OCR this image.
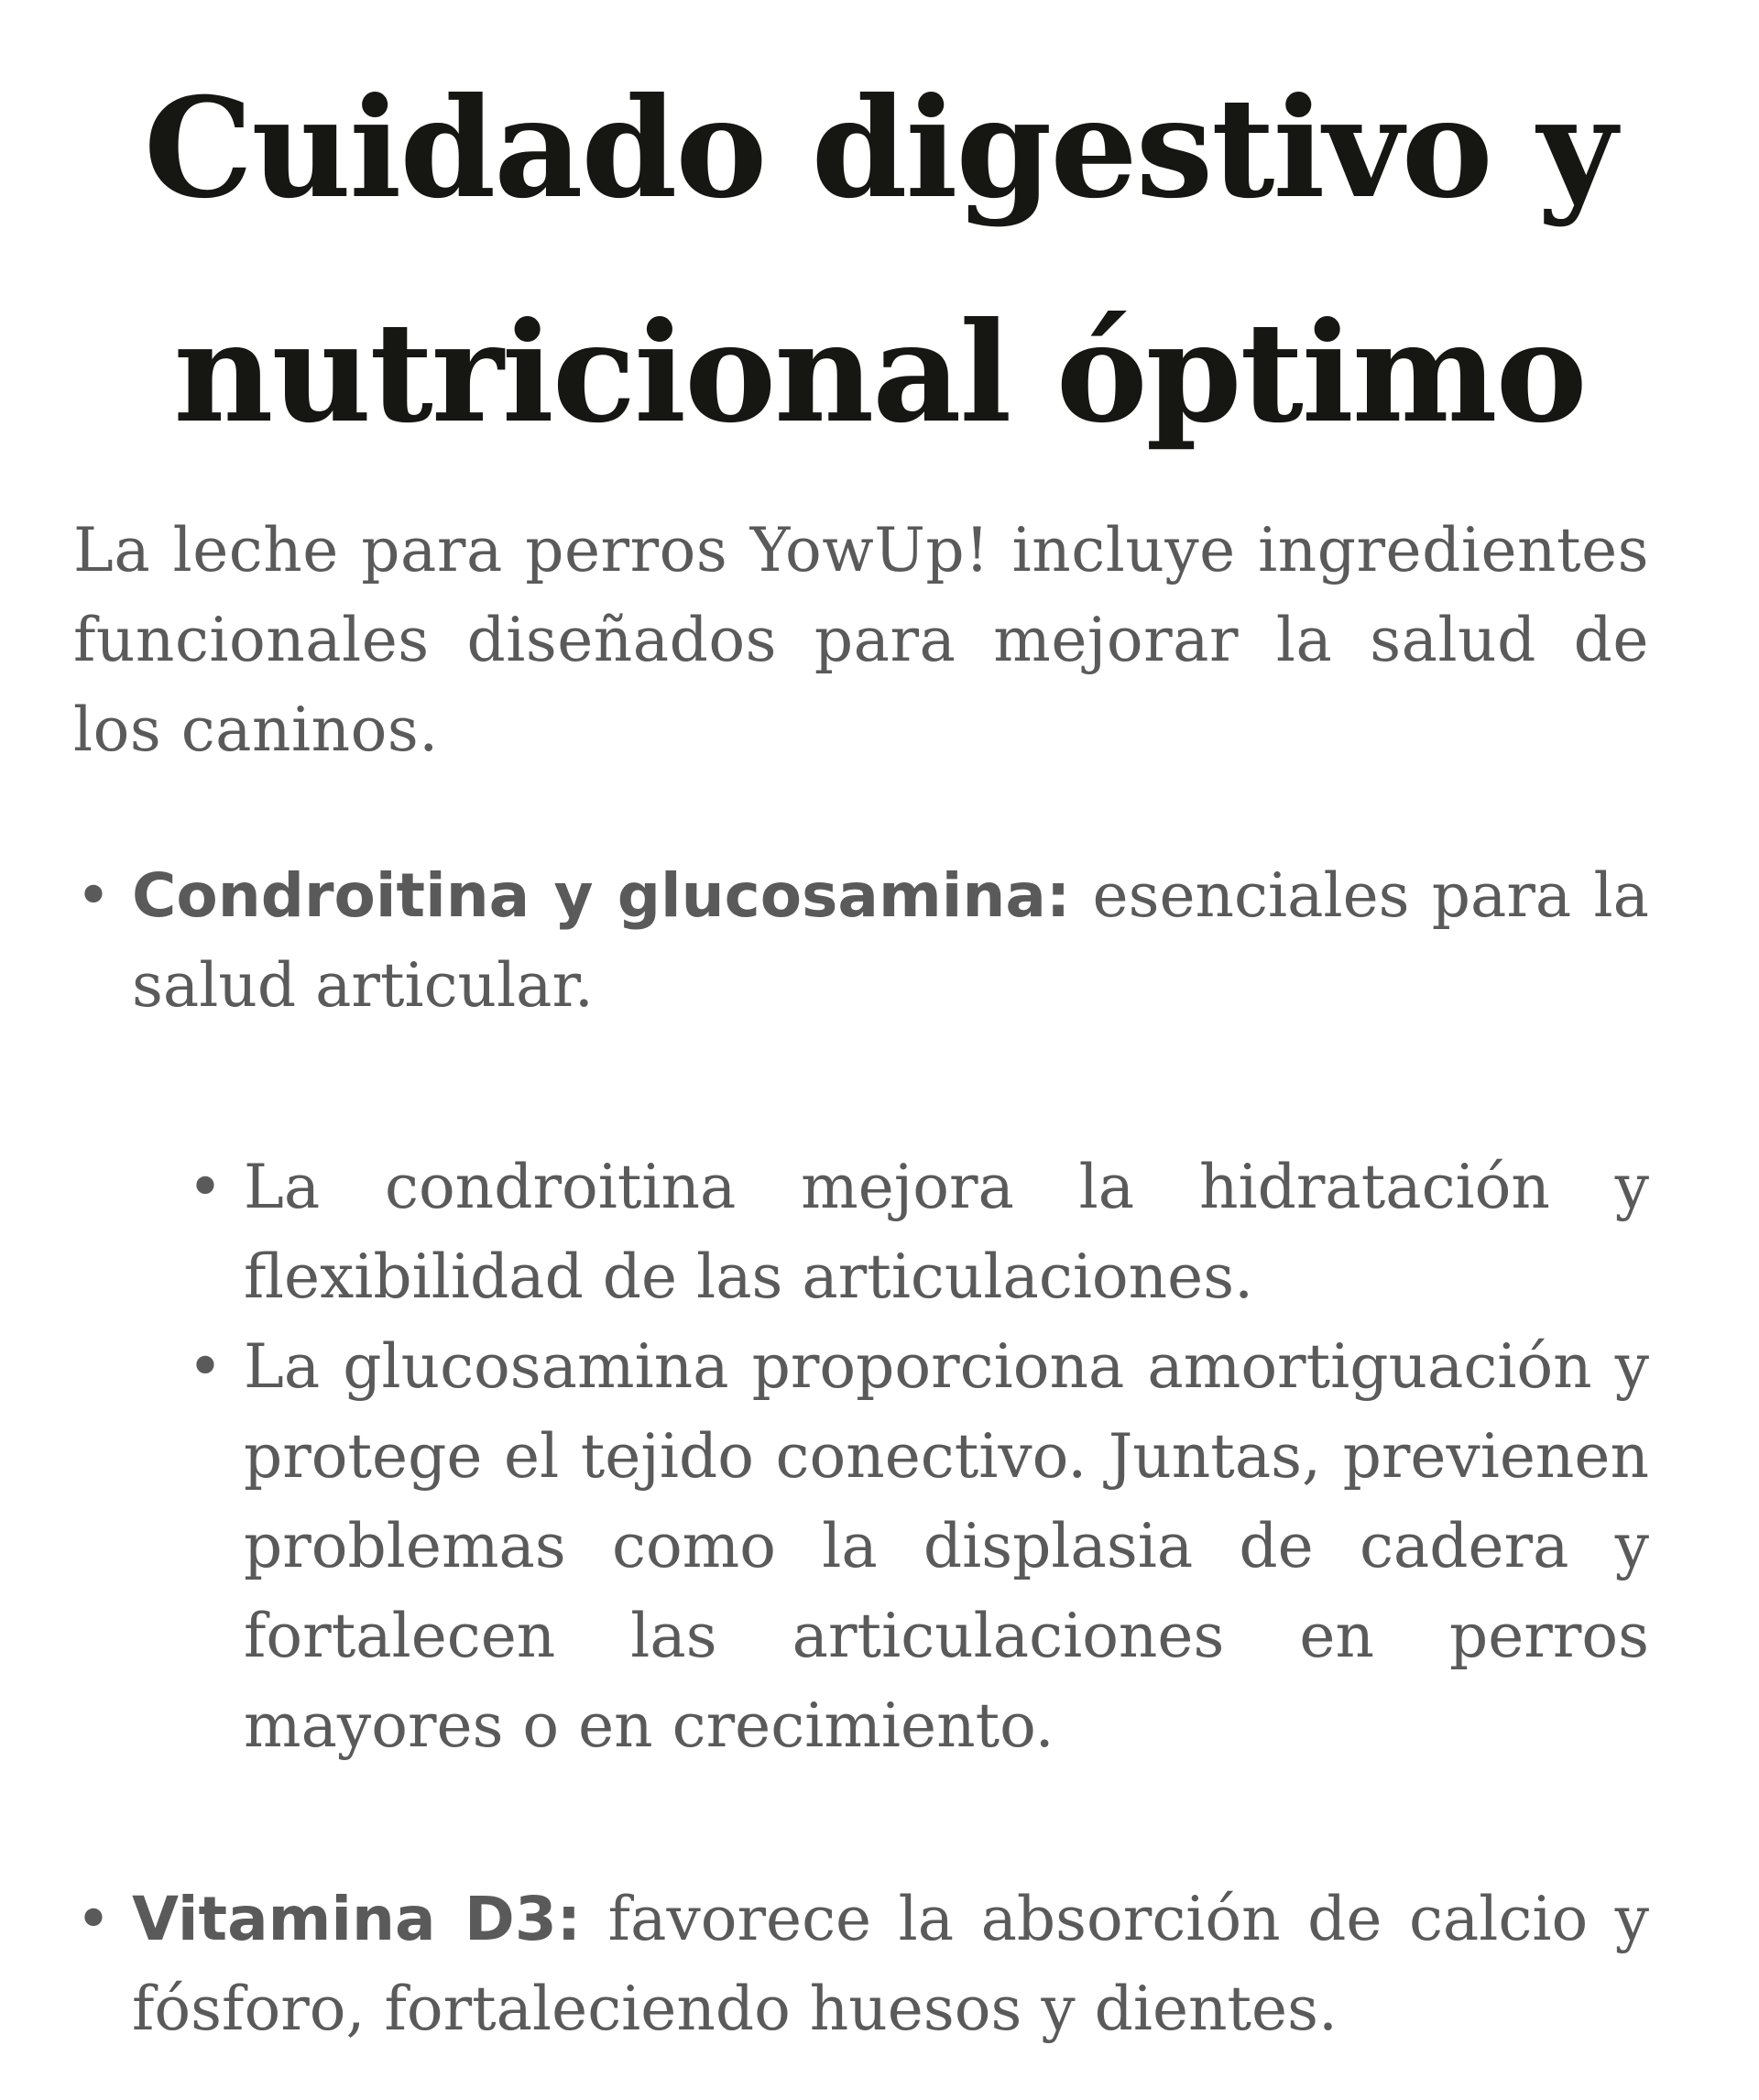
Cuidado digestivo y nutricional óptimo

La leche para perros YowUp! incluye ingredientes funcionales diseñados para mejorar la salud de los caninos.

• Condroitina y glucosamina: esenciales para la salud articular.
• La condroitina mejora la hidratación y flexibilidad de las articulaciones.
• La glucosamina proporciona amortiguación y protege el tejido conectivo. Juntas, previenen problemas como la displasia de cadera y fortalecen las articulaciones en perros mayores o en crecimiento.
• Vitamina D3: favorece la absorción de calcio y fósforo, fortaleciendo huesos y dientes.
